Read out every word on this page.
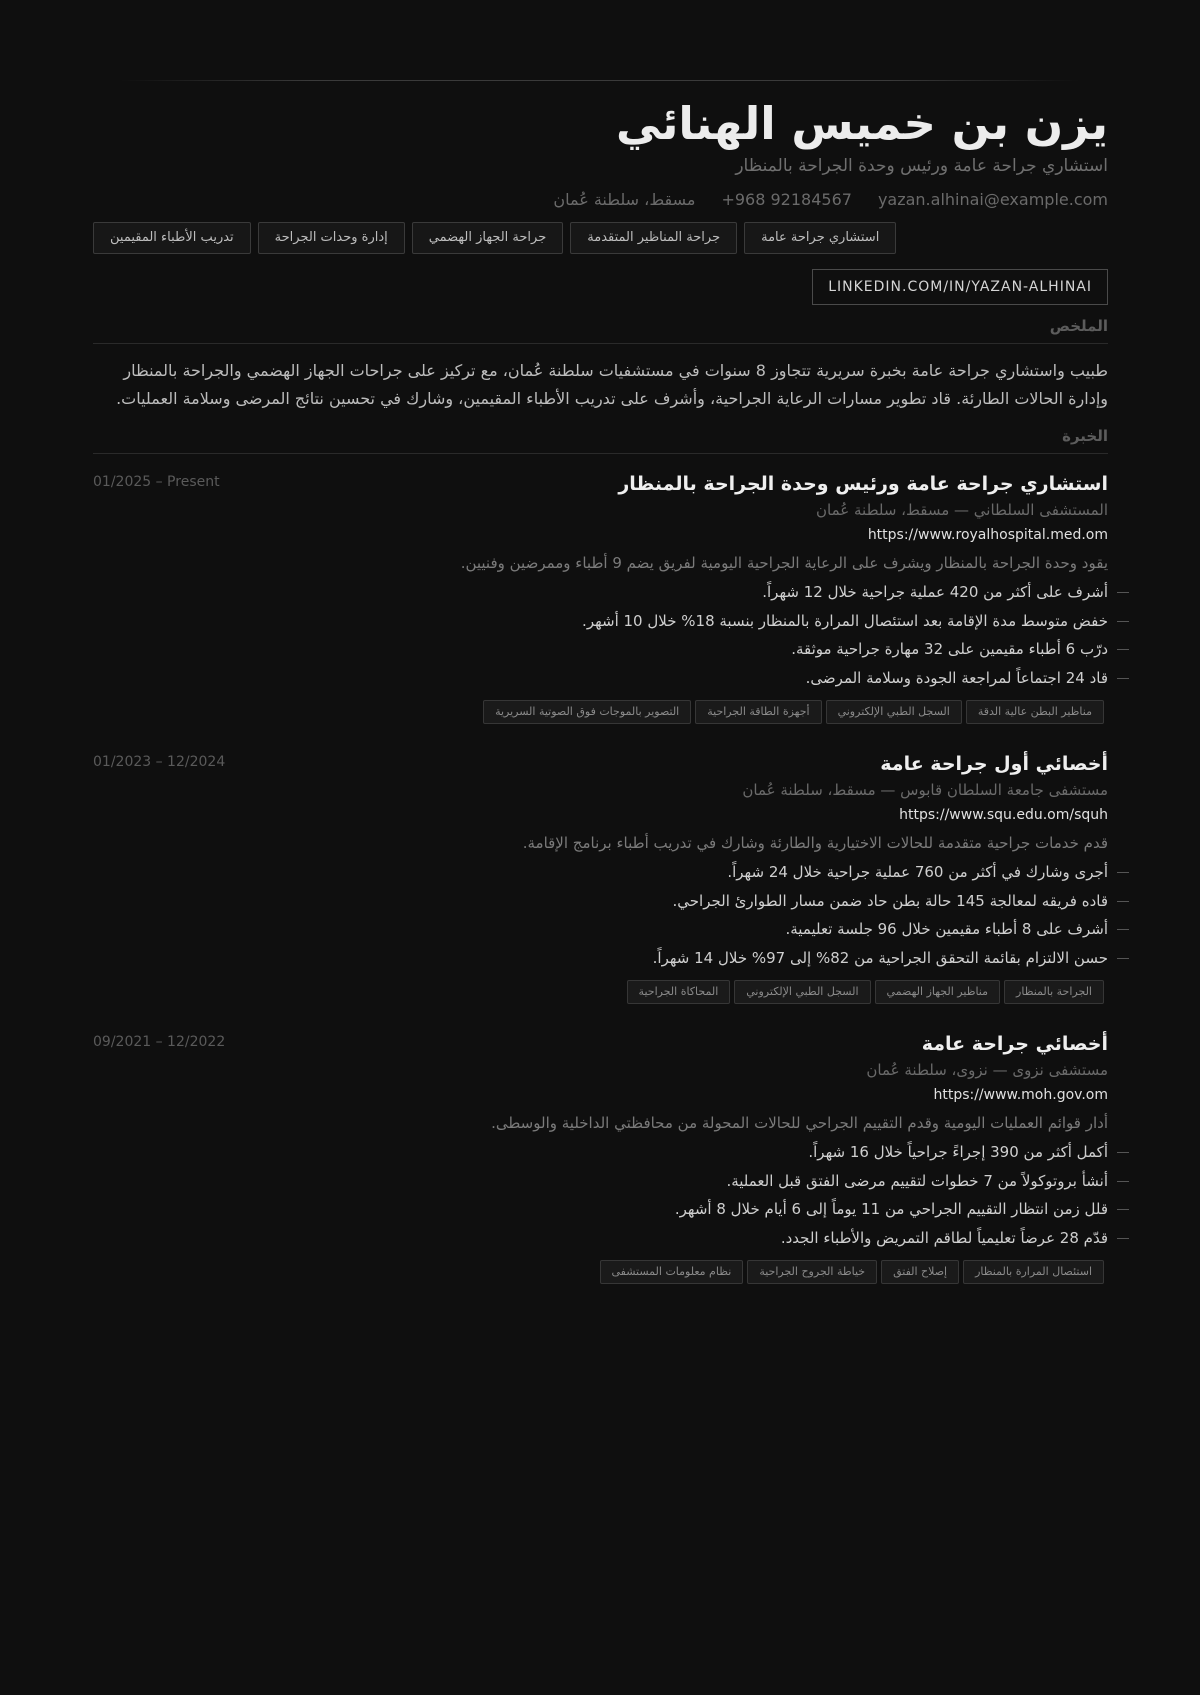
يزن بن خميس الهنائي
استشاري جراحة عامة ورئيس وحدة الجراحة بالمنظار
مسقط، سلطنة عُمان +968 92184567 yazan.alhinai@example.com
استشاري جراحة عامة
جراحة المناظير المتقدمة
جراحة الجهاز الهضمي
إدارة وحدات الجراحة
تدريب الأطباء المقيمين
LINKEDIN.COM/IN/YAZAN-ALHINAI
الملخص
طبيب واستشاري جراحة عامة بخبرة سريرية تتجاوز 8 سنوات في مستشفيات سلطنة عُمان، مع تركيز على جراحات الجهاز الهضمي والجراحة بالمنظار وإدارة الحالات الطارئة. قاد تطوير مسارات الرعاية الجراحية، وأشرف على تدريب الأطباء المقيمين، وشارك في تحسين نتائج المرضى وسلامة العمليات.
الخبرة
01/2025 – Present	استشاري جراحة عامة ورئيس وحدة الجراحة بالمنظار
المستشفى السلطاني — مسقط، سلطنة عُمان
https://www.royalhospital.med.om
يقود وحدة الجراحة بالمنظار ويشرف على الرعاية الجراحية اليومية لفريق يضم 9 أطباء وممرضين وفنيين.
أشرف على أكثر من 420 عملية جراحية خلال 12 شهراً.
خفض متوسط مدة الإقامة بعد استئصال المرارة بالمنظار بنسبة 18% خلال 10 أشهر.
درّب 6 أطباء مقيمين على 32 مهارة جراحية موثقة.
قاد 24 اجتماعاً لمراجعة الجودة وسلامة المرضى.
مناظير البطن عالية الدقة
السجل الطبي الإلكتروني
أجهزة الطاقة الجراحية
التصوير بالموجات فوق الصوتية السريرية
01/2023 – 12/2024	أخصائي أول جراحة عامة
مستشفى جامعة السلطان قابوس — مسقط، سلطنة عُمان
https://www.squ.edu.om/squh
قدم خدمات جراحية متقدمة للحالات الاختيارية والطارئة وشارك في تدريب أطباء برنامج الإقامة.
أجرى وشارك في أكثر من 760 عملية جراحية خلال 24 شهراً.
قاده فريقه لمعالجة 145 حالة بطن حاد ضمن مسار الطوارئ الجراحي.
أشرف على 8 أطباء مقيمين خلال 96 جلسة تعليمية.
حسن الالتزام بقائمة التحقق الجراحية من 82% إلى 97% خلال 14 شهراً.
الجراحة بالمنظار
مناظير الجهاز الهضمي
السجل الطبي الإلكتروني
المحاكاة الجراحية
09/2021 – 12/2022	أخصائي جراحة عامة
مستشفى نزوى — نزوى، سلطنة عُمان
https://www.moh.gov.om
أدار قوائم العمليات اليومية وقدم التقييم الجراحي للحالات المحولة من محافظتي الداخلية والوسطى.
أكمل أكثر من 390 إجراءً جراحياً خلال 16 شهراً.
أنشأ بروتوكولاً من 7 خطوات لتقييم مرضى الفتق قبل العملية.
قلل زمن انتظار التقييم الجراحي من 11 يوماً إلى 6 أيام خلال 8 أشهر.
قدّم 28 عرضاً تعليمياً لطاقم التمريض والأطباء الجدد.
استئصال المرارة بالمنظار
إصلاح الفتق
خياطة الجروح الجراحية
نظام معلومات المستشفى
